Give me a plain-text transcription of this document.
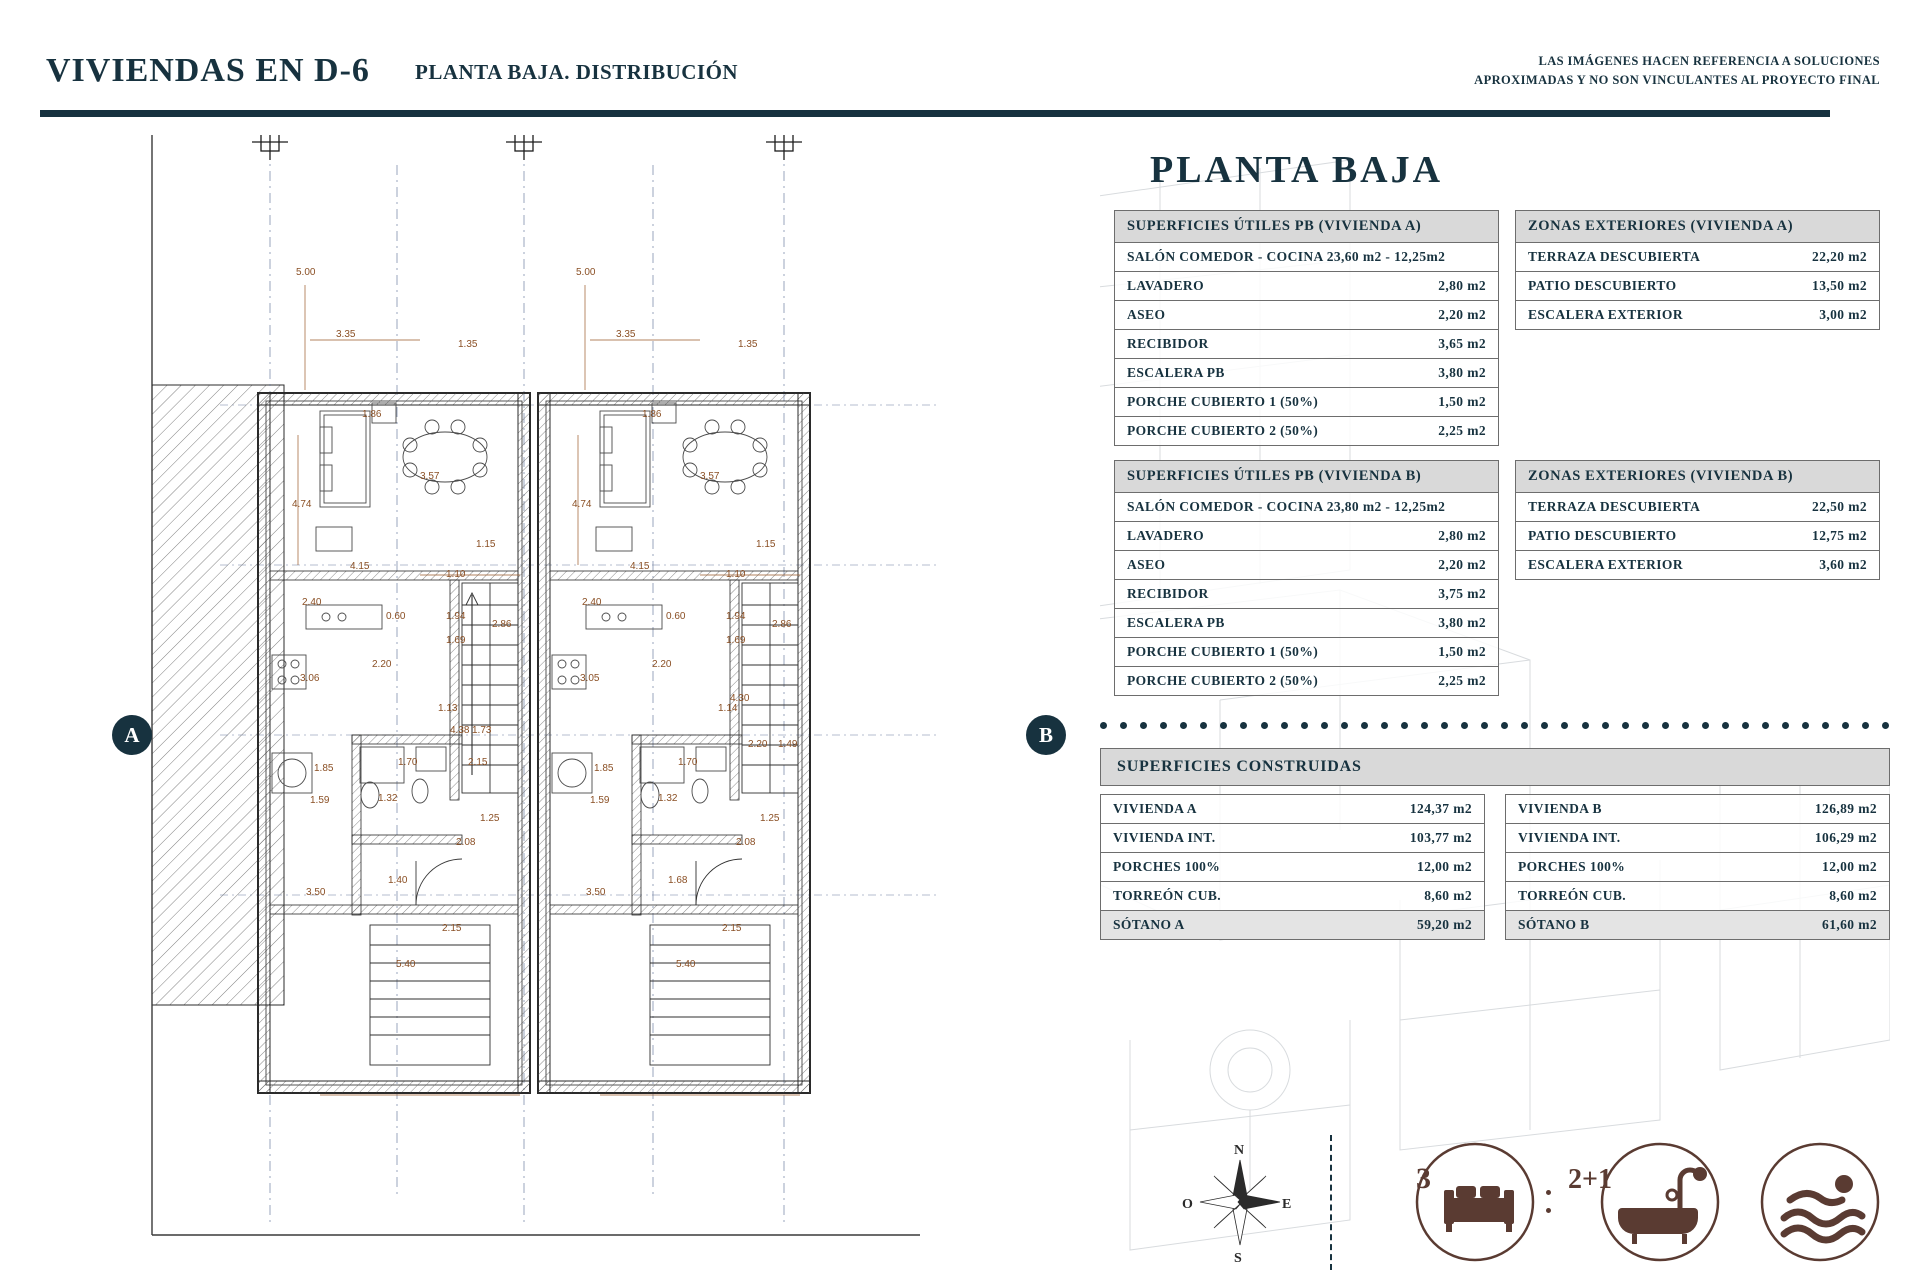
VIVIENDAS EN D-6 PLANTA BAJA. DISTRIBUCIÓN	LAS IMÁGENES HACEN REFERENCIA A SOLUCIONES
APROXIMADAS Y NO SON VINCULANTES AL PROYECTO FINAL
5.00	5.00
3.35	3.35
1.35	1.35
4.74	4.74
3.57	3.57
1.86	1.86
1.15	1.15
4.15	4.15
1.10	1.10
2.40	2.40
0.60	0.60
1.94	1.94
1.69	1.69
2.86	2.86
2.20	2.20
3.06	3.05
1.13	1.14
4.38
4.30
1.85	1.85
1.70	1.70
1.59	1.59
1.32	1.32
2.15
2.20
1.73
1.49
1.25	1.25
2.08	2.08
1.40	1.68
3.50	3.50
2.15	2.15
5.40	5.40
A	B
PLANTA BAJA
SUPERFICIES ÚTILES PB (VIVIENDA A)
SALÓN COMEDOR - COCINA 23,60 m2 - 12,25m2
LAVADERO	2,80 m2
ASEO	2,20 m2
RECIBIDOR	3,65 m2
ESCALERA PB	3,80 m2
PORCHE CUBIERTO 1 (50%)	1,50 m2
PORCHE CUBIERTO 2 (50%)	2,25 m2
ZONAS EXTERIORES (VIVIENDA A)
TERRAZA DESCUBIERTA	22,20 m2
PATIO DESCUBIERTO	13,50 m2
ESCALERA EXTERIOR	3,00 m2
SUPERFICIES ÚTILES PB (VIVIENDA B)
SALÓN COMEDOR - COCINA 23,80 m2 - 12,25m2
LAVADERO	2,80 m2
ASEO	2,20 m2
RECIBIDOR	3,75 m2
ESCALERA PB	3,80 m2
PORCHE CUBIERTO 1 (50%)	1,50 m2
PORCHE CUBIERTO 2 (50%)	2,25 m2
ZONAS EXTERIORES (VIVIENDA B)
TERRAZA DESCUBIERTA	22,50 m2
PATIO DESCUBIERTO	12,75 m2
ESCALERA EXTERIOR	3,60 m2
SUPERFICIES CONSTRUIDAS
VIVIENDA A	124,37 m2
VIVIENDA INT.	103,77 m2
PORCHES 100%	12,00 m2
TORREÓN CUB.	8,60 m2
SÓTANO A	59,20 m2
VIVIENDA B	126,89 m2
VIVIENDA INT.	106,29 m2
PORCHES 100%	12,00 m2
TORREÓN CUB.	8,60 m2
SÓTANO B	61,60 m2
N
S
E
O
3	2+1
